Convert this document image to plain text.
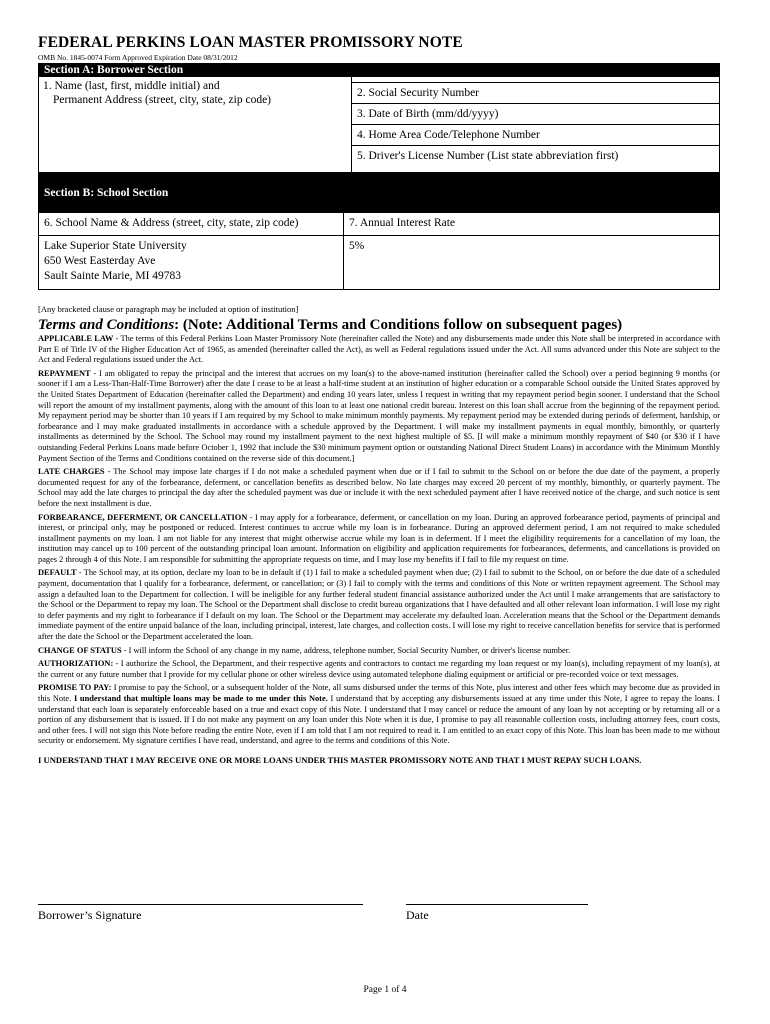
FEDERAL PERKINS LOAN MASTER PROMISSORY NOTE
OMB No. 1845-0074 Form Approved Expiration Date 08/31/2012
Section A: Borrower Section
1. Name (last, first, middle initial) and
Permanent Address (street, city, state, zip code)
2. Social Security Number
3. Date of Birth (mm/dd/yyyy)
4. Home Area Code/Telephone Number
5. Driver's License Number (List state abbreviation first)
Section B: School Section
6. School Name & Address (street, city, state, zip code)
Lake Superior State University
650 West Easterday Ave
Sault Sainte Marie, MI 49783
7. Annual Interest Rate
5%
[Any bracketed clause or paragraph may be included at option of institution]
Terms and Conditions: (Note: Additional Terms and Conditions follow on subsequent pages)

APPLICABLE LAW - The terms of this Federal Perkins Loan Master Promissory Note (hereinafter called the Note) and any disbursements made under this Note shall be interpreted in accordance with Part E of Title IV of the Higher Education Act of 1965, as amended (hereinafter called the Act), as well as Federal regulations issued under the Act. All sums advanced under this Note are subject to the Act and Federal regulations issued under the Act.

REPAYMENT - I am obligated to repay the principal and the interest that accrues on my loan(s) to the above-named institution (hereinafter called the School) over a period beginning 9 months (or sooner if I am a Less-Than-Half-Time Borrower) after the date I cease to be at least a half-time student at an institution of higher education or a comparable School outside the United States approved by the United States Department of Education (hereinafter called the Department) and ending 10 years later, unless I request in writing that my repayment period begin sooner. I understand that the School will report the amount of my installment payments, along with the amount of this loan to at least one national credit bureau. Interest on this loan shall accrue from the beginning of the repayment period. My repayment period may be shorter than 10 years if I am required by my School to make minimum monthly payments. My repayment period may be extended during periods of deferment, hardship, or forbearance and I may make graduated installments in accordance with a schedule approved by the Department. I will make my installment payments in equal monthly, bimonthly, or quarterly installments as determined by the School. The School may round my installment payment to the next highest multiple of $5. [I will make a minimum monthly repayment of $40 (or $30 if I have outstanding Federal Perkins Loans made before October 1, 1992 that include the $30 minimum payment option or outstanding National Direct Student Loans) in accordance with the Minimum Monthly Payment Section of the Terms and Conditions contained on the reverse side of this document.]

LATE CHARGES - The School may impose late charges if I do not make a scheduled payment when due or if I fail to submit to the School on or before the due date of the payment, a properly documented request for any of the forbearance, deferment, or cancellation benefits as described below. No late charges may exceed 20 percent of my monthly, bimonthly, or quarterly payment. The School may add the late charges to principal the day after the scheduled payment was due or include it with the next scheduled payment after I have received notice of the charge, and such notice is sent before the next installment is due.

FORBEARANCE, DEFERMENT, OR CANCELLATION - I may apply for a forbearance, deferment, or cancellation on my loan. During an approved forbearance period, payments of principal and interest, or principal only, may be postponed or reduced. Interest continues to accrue while my loan is in forbearance. During an approved deferment period, I am not required to make scheduled installment payments on my loan. I am not liable for any interest that might otherwise accrue while my loan is in deferment. If I meet the eligibility requirements for a cancellation of my loan, the institution may cancel up to 100 percent of the outstanding principal loan amount. Information on eligibility and application requirements for forbearances, deferments, and cancellations is provided on pages 2 through 4 of this Note. I am responsible for submitting the appropriate requests on time, and I may lose my benefits if I fail to file my request on time.

DEFAULT - The School may, at its option, declare my loan to be in default if (1) I fail to make a scheduled payment when due; (2) I fail to submit to the School, on or before the due date of a scheduled payment, documentation that I qualify for a forbearance, deferment, or cancellation; or (3) I fail to comply with the terms and conditions of this Note or written repayment agreement. The School may assign a defaulted loan to the Department for collection. I will be ineligible for any further federal student financial assistance authorized under the Act until I make arrangements that are satisfactory to the School or the Department to repay my loan. The School or the Department shall disclose to credit bureau organizations that I have defaulted and all other relevant loan information. I will lose my right to defer payments and my right to forbearance if I default on my loan. The School or the Department may accelerate my defaulted loan. Acceleration means that the School or the Department demands immediate payment of the entire unpaid balance of the loan, including principal, interest, late charges, and collection costs. I will lose my right to receive cancellation benefits for service that is performed after the date the School or the Department accelerated the loan.

CHANGE OF STATUS - I will inform the School of any change in my name, address, telephone number, Social Security Number, or driver's license number.

AUTHORIZATION: - I authorize the School, the Department, and their respective agents and contractors to contact me regarding my loan request or my loan(s), including repayment of my loan(s), at the current or any future number that I provide for my cellular phone or other wireless device using automated telephone dialing equipment or artificial or pre-recorded voice or text messages.

PROMISE TO PAY: I promise to pay the School, or a subsequent holder of the Note, all sums disbursed under the terms of this Note, plus interest and other fees which may become due as provided in this Note. I understand that multiple loans may be made to me under this Note. I understand that by accepting any disbursements issued at any time under this Note, I agree to repay the loans. I understand that each loan is separately enforceable based on a true and exact copy of this Note. I understand that I may cancel or reduce the amount of any loan by not accepting or by returning all or a portion of any disbursement that is issued. If I do not make any payment on any loan under this Note when it is due, I promise to pay all reasonable collection costs, including attorney fees, court costs, and other fees. I will not sign this Note before reading the entire Note, even if I am told that I am not required to read it. I am entitled to an exact copy of this Note. This loan has been made to me without security or endorsement. My signature certifies I have read, understand, and agree to the terms and conditions of this Note.

I UNDERSTAND THAT I MAY RECEIVE ONE OR MORE LOANS UNDER THIS MASTER PROMISSORY NOTE AND THAT I MUST REPAY SUCH LOANS.
Borrower’s Signature	Date
Page 1 of 4
